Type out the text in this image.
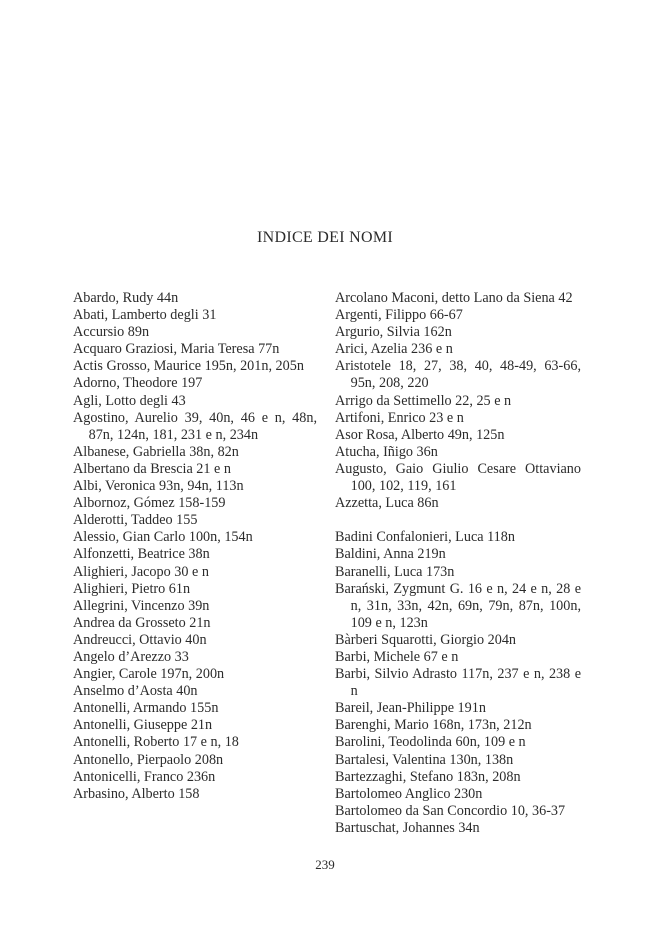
INDICE DEI NOMI
Abardo, Rudy 44n
Abati, Lamberto degli 31
Accursio 89n
Acquaro Graziosi, Maria Teresa 77n
Actis Grosso, Maurice 195n, 201n, 205n
Adorno, Theodore 197
Agli, Lotto degli 43
Agostino, Aurelio 39, 40n, 46 e n, 48n, 87n, 124n, 181, 231 e n, 234n
Albanese, Gabriella 38n, 82n
Albertano da Brescia 21 e n
Albi, Veronica 93n, 94n, 113n
Albornoz, Gómez 158-159
Alderotti, Taddeo 155
Alessio, Gian Carlo 100n, 154n
Alfonzetti, Beatrice 38n
Alighieri, Jacopo 30 e n
Alighieri, Pietro 61n
Allegrini, Vincenzo 39n
Andrea da Grosseto 21n
Andreucci, Ottavio 40n
Angelo d’Arezzo 33
Angier, Carole 197n, 200n
Anselmo d’Aosta 40n
Antonelli, Armando 155n
Antonelli, Giuseppe 21n
Antonelli, Roberto 17 e n, 18
Antonello, Pierpaolo 208n
Antonicelli, Franco 236n
Arbasino, Alberto 158
Arcolano Maconi, detto Lano da Siena 42
Argenti, Filippo 66-67
Argurio, Silvia 162n
Arici, Azelia 236 e n
Aristotele 18, 27, 38, 40, 48-49, 63-66, 95n, 208, 220
Arrigo da Settimello 22, 25 e n
Artifoni, Enrico 23 e n
Asor Rosa, Alberto 49n, 125n
Atucha, Iñigo 36n
Augusto, Gaio Giulio Cesare Ottaviano 100, 102, 119, 161
Azzetta, Luca 86n
Badini Confalonieri, Luca 118n
Baldini, Anna 219n
Baranelli, Luca 173n
Barański, Zygmunt G. 16 e n, 24 e n, 28 e n, 31n, 33n, 42n, 69n, 79n, 87n, 100n, 109 e n, 123n
Bàrberi Squarotti, Giorgio 204n
Barbi, Michele 67 e n
Barbi, Silvio Adrasto 117n, 237 e n, 238 e n
Bareil, Jean-Philippe 191n
Barenghi, Mario 168n, 173n, 212n
Barolini, Teodolinda 60n, 109 e n
Bartalesi, Valentina 130n, 138n
Bartezzaghi, Stefano 183n, 208n
Bartolomeo Anglico 230n
Bartolomeo da San Concordio 10, 36-37
Bartuschat, Johannes 34n
239
